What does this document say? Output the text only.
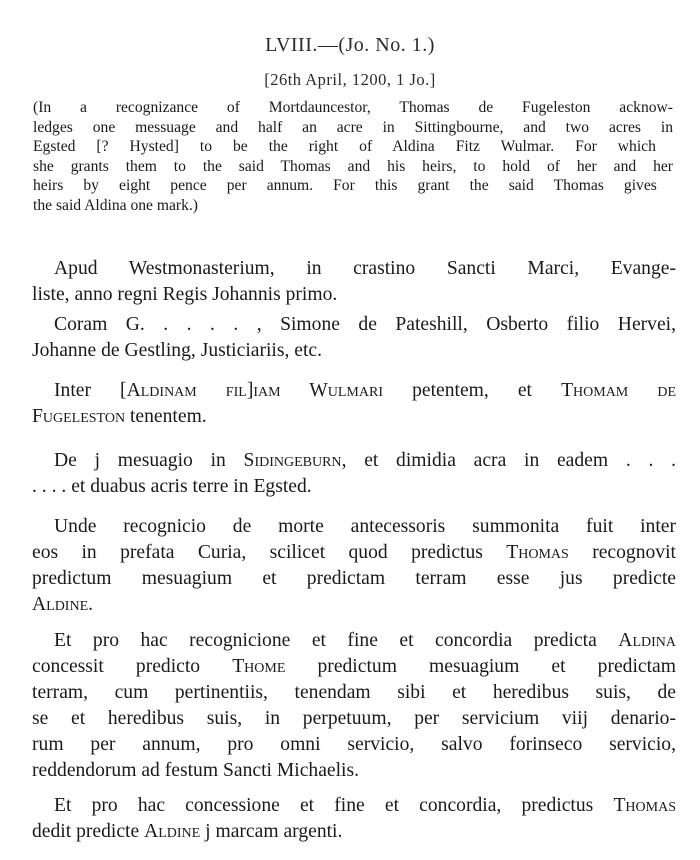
LVIII.—(Jo. No. 1.)
[26th April, 1200, 1 Jo.]
(In a recognizance of Mortdauncestor, Thomas de Fugeleston acknow-
ledges one messuage and half an acre in Sittingbourne, and two acres in
Egsted [? Hysted] to be the right of Aldina Fitz Wulmar. For which
she grants them to the said Thomas and his heirs, to hold of her and her
heirs by eight pence per annum. For this grant the said Thomas gives
the said Aldina one mark.)
Apud Westmonasterium, in crastino Sancti Marci, Evange-
liste, anno regni Regis Johannis primo.
Coram G. . . . . , Simone de Pateshill, Osberto filio Hervei,
Johanne de Gestling, Justiciariis, etc.
Inter [Aldinam fil]iam Wulmari petentem, et Thomam de
Fugeleston tenentem.
De j mesuagio in Sidingeburn, et dimidia acra in eadem . . .
. . . . et duabus acris terre in Egsted.
Unde recognicio de morte antecessoris summonita fuit inter
eos in prefata Curia, scilicet quod predictus Thomas recognovit
predictum mesuagium et predictam terram esse jus predicte
Aldine.
Et pro hac recognicione et fine et concordia predicta Aldina
concessit predicto Thome predictum mesuagium et predictam
terram, cum pertinentiis, tenendam sibi et heredibus suis, de
se et heredibus suis, in perpetuum, per servicium viij denario-
rum per annum, pro omni servicio, salvo forinseco servicio,
reddendorum ad festum Sancti Michaelis.
Et pro hac concessione et fine et concordia, predictus Thomas
dedit predicte Aldine j marcam argenti.
